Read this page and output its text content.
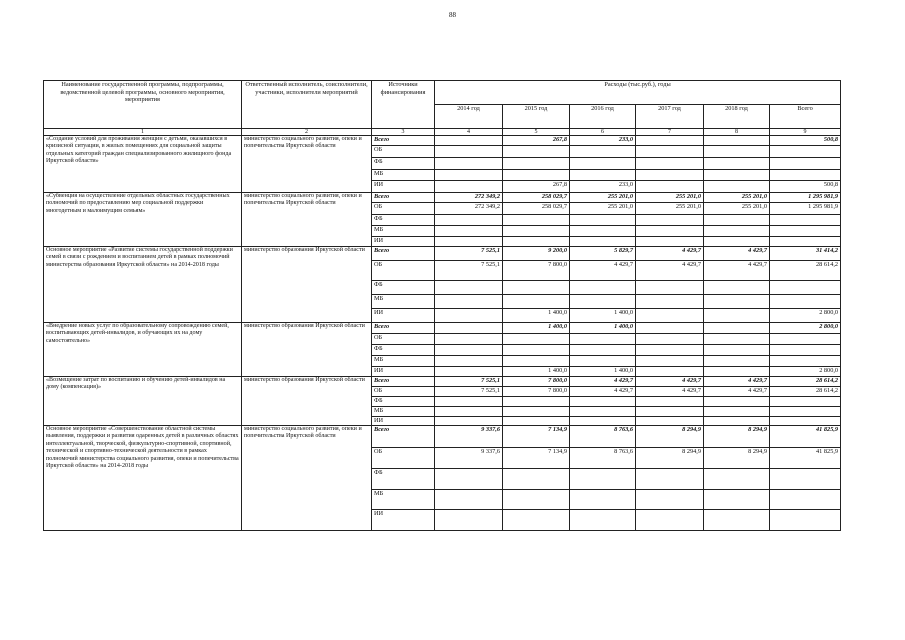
88
Наименование государственной программы, подпрограммы, ведомственной целевой программы, основного мероприятия, мероприятия	Ответственный исполнитель, соисполнители, участники, исполнители мероприятий	Источники финансирования	Расходы (тыс.руб.), годы					
			2014 год	2015 год	2016 год	2017 год	2018 год	Всего
1	2	3	4	5	6	7	8	9
«Создание условий для проживания женщин с детьми, оказавшихся в кризисной ситуации, в жилых помещениях для социальной защиты отдельных категорий граждан специализированного жилищного фонда Иркутской области»	министерство социального развития, опеки и попечительства Иркутской области	Всего		267,8	233,0			500,8
		ОБ						
		ФБ						
		МБ						
		ИИ		267,8	233,0			500,8
«Субвенция на осуществление отдельных областных государственных полномочий по предоставлению мер социальной поддержки многодетным и малоимущим семьям»	министерство социального развития, опеки и попечительства Иркутской области	Всего	272 349,2	258 029,7	255 201,0	255 201,0	255 201,0	1 295 981,9
		ОБ	272 349,2	258 029,7	255 201,0	255 201,0	255 201,0	1 295 981,9
		ФБ						
		МБ						
		ИИ						
Основное мероприятие «Развитие системы государственной поддержки семей в связи с рождением и воспитанием детей в рамках полномочий министерства образования Иркутской области» на 2014-2018 годы	министерство образования Иркутской области	Всего	7 525,1	9 200,0	5 829,7	4 429,7	4 429,7	31 414,2
		ОБ	7 525,1	7 800,0	4 429,7	4 429,7	4 429,7	28 614,2
		ФБ						
		МБ						
		ИИ		1 400,0	1 400,0			2 800,0
«Внедрение новых услуг по образовательному сопровождению семей, воспитывающих детей-инвалидов, и обучающих их на дому самостоятельно»	министерство образования Иркутской области	Всего		1 400,0	1 400,0			2 800,0
		ОБ						
		ФБ						
		МБ						
		ИИ		1 400,0	1 400,0			2 800,0
«Возмещение затрат по воспитанию и обучению детей-инвалидов на дому (компенсация)»	министерство образования Иркутской области	Всего	7 525,1	7 800,0	4 429,7	4 429,7	4 429,7	28 614,2
		ОБ	7 525,1	7 800,0	4 429,7	4 429,7	4 429,7	28 614,2
		ФБ						
		МБ						
		ИИ						
Основное мероприятие «Совершенствование областной системы выявления, поддержки и развития одаренных детей в различных областях интеллектуальной, творческой, физкультурно-спортивной, спортивной, технической и спортивно-технической деятельности в рамках полномочий министерства социального развития, опеки и попечительства Иркутской области» на 2014-2018 годы	министерство социального развития, опеки и попечительства Иркутской области	Всего	9 337,6	7 134,9	8 763,6	8 294,9	8 294,9	41 825,9
		ОБ	9 337,6	7 134,9	8 763,6	8 294,9	8 294,9	41 825,9
		ФБ						
		МБ						
		ИИ						
